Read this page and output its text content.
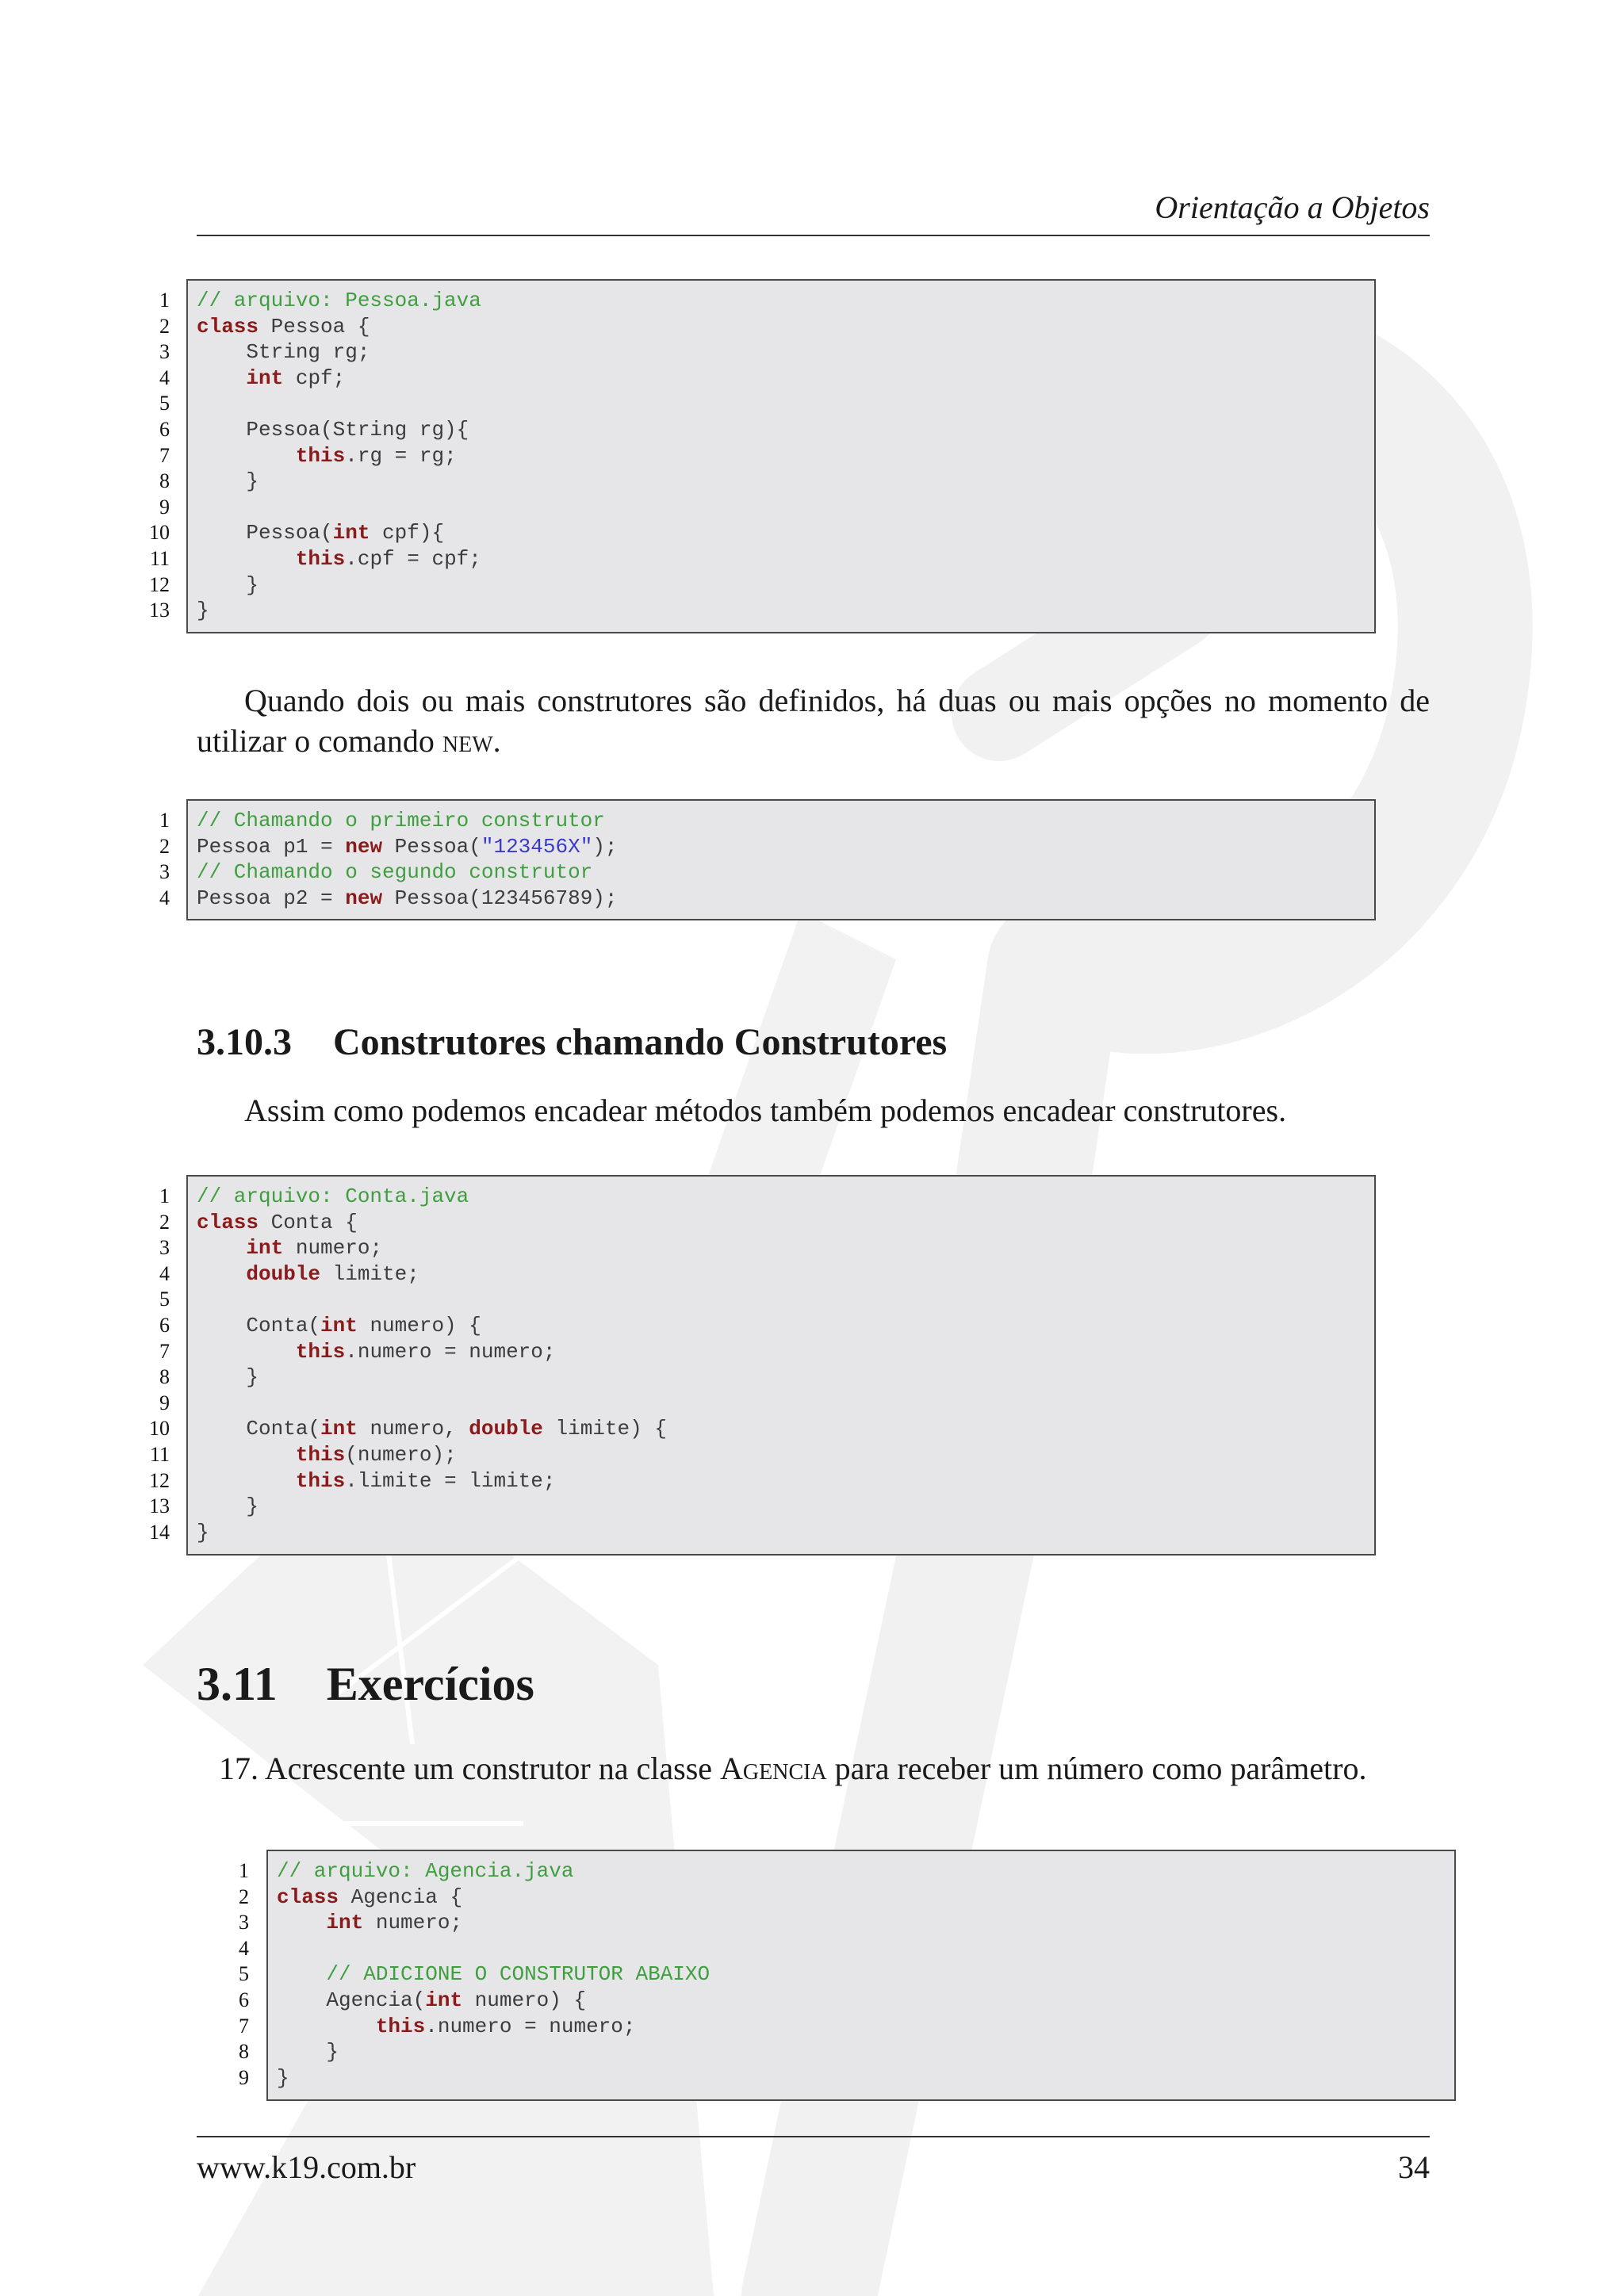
Orientação a Objetos
1
2
3
4
5
6
7
8
9
10
11
12
13
// arquivo: Pessoa.java
class Pessoa {
String rg;
int cpf;

Pessoa(String rg){
this.rg = rg;
}

Pessoa(int cpf){
this.cpf = cpf;
}
}
Quando dois ou mais construtores são definidos, há duas ou mais opções no momento de utilizar o comando new.
1
2
3
4
// Chamando o primeiro construtor
Pessoa p1 = new Pessoa("123456X");
// Chamando o segundo construtor
Pessoa p2 = new Pessoa(123456789);
3.10.3 Construtores chamando Construtores
Assim como podemos encadear métodos também podemos encadear construtores.
1
2
3
4
5
6
7
8
9
10
11
12
13
14
// arquivo: Conta.java
class Conta {
int numero;
double limite;

Conta(int numero) {
this.numero = numero;
}

Conta(int numero, double limite) {
this(numero);
this.limite = limite;
}
}
3.11 Exercícios
17. Acrescente um construtor na classe Agencia para receber um número como parâmetro.
1
2
3
4
5
6
7
8
9
// arquivo: Agencia.java
class Agencia {
int numero;

// ADICIONE O CONSTRUTOR ABAIXO
Agencia(int numero) {
this.numero = numero;
}
}
www.k19.com.br	34
